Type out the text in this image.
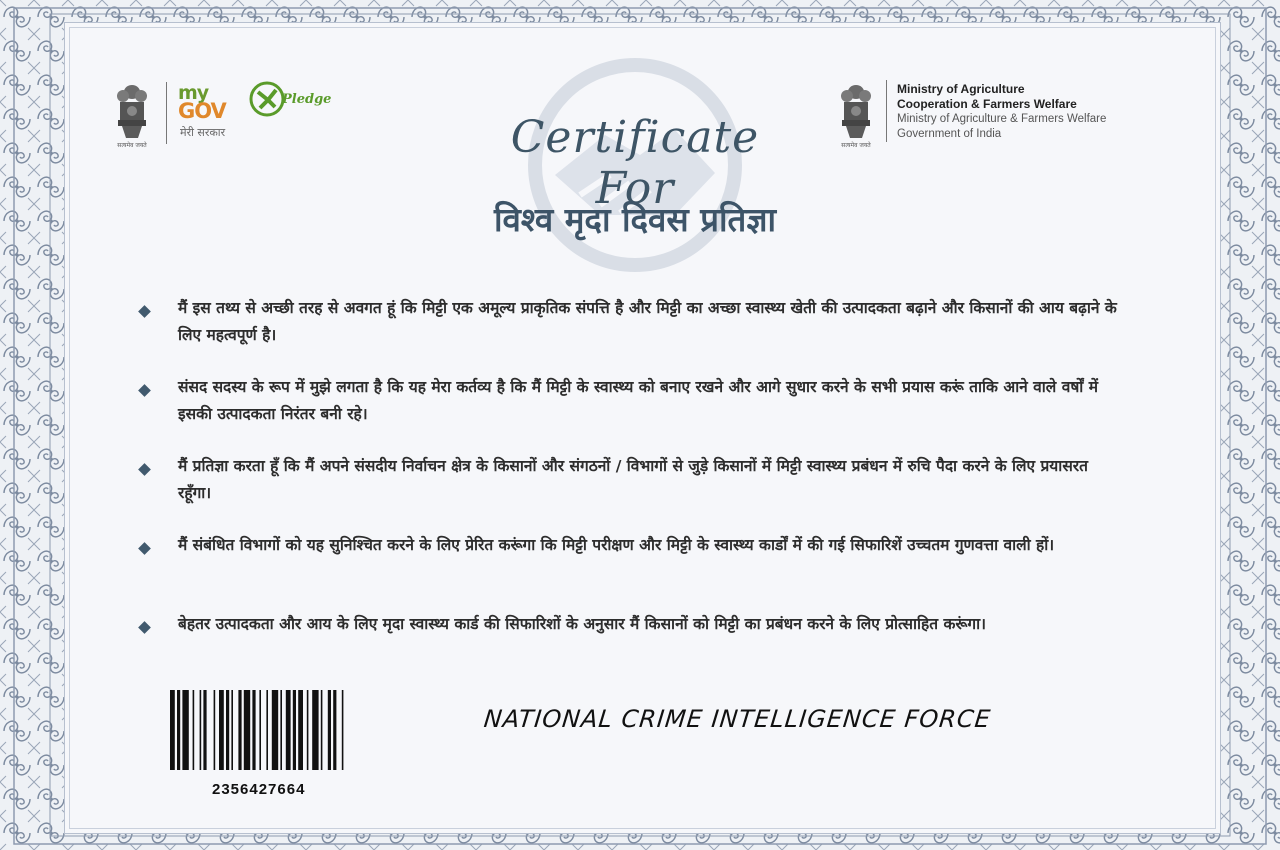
सत्यमेव जयते
my
GOV
मेरी सरकार
Pledge
सत्यमेव जयते
Ministry of Agriculture
Cooperation & Farmers Welfare
Ministry of Agriculture & Farmers Welfare
Government of India
Certificate For
विश्व मृदा दिवस प्रतिज्ञा
मैं इस तथ्य से अच्छी तरह से अवगत हूं कि मिट्टी एक अमूल्य प्राकृतिक संपत्ति है और मिट्टी का अच्छा स्वास्थ्य खेती की उत्पादकता बढ़ाने और किसानों की आय बढ़ाने के लिए महत्वपूर्ण है।
संसद सदस्य के रूप में मुझे लगता है कि यह मेरा कर्तव्य है कि मैं मिट्टी के स्वास्थ्य को बनाए रखने और आगे सुधार करने के सभी प्रयास करूं ताकि आने वाले वर्षों में इसकी उत्पादकता निरंतर बनी रहे।
मैं प्रतिज्ञा करता हूँ कि मैं अपने संसदीय निर्वाचन क्षेत्र के किसानों और संगठनों / विभागों से जुड़े किसानों में मिट्टी स्वास्थ्य प्रबंधन में रुचि पैदा करने के लिए प्रयासरत रहूँगा।
मैं संबंधित विभागों को यह सुनिश्चित करने के लिए प्रेरित करूंगा कि मिट्टी परीक्षण और मिट्टी के स्वास्थ्य कार्डों में की गई सिफारिशें उच्चतम गुणवत्ता वाली हों।
बेहतर उत्पादकता और आय के लिए मृदा स्वास्थ्य कार्ड की सिफारिशों के अनुसार मैं किसानों को मिट्टी का प्रबंधन करने के लिए प्रोत्साहित करूंगा।
2356427664
NATIONAL CRIME INTELLIGENCE FORCE
